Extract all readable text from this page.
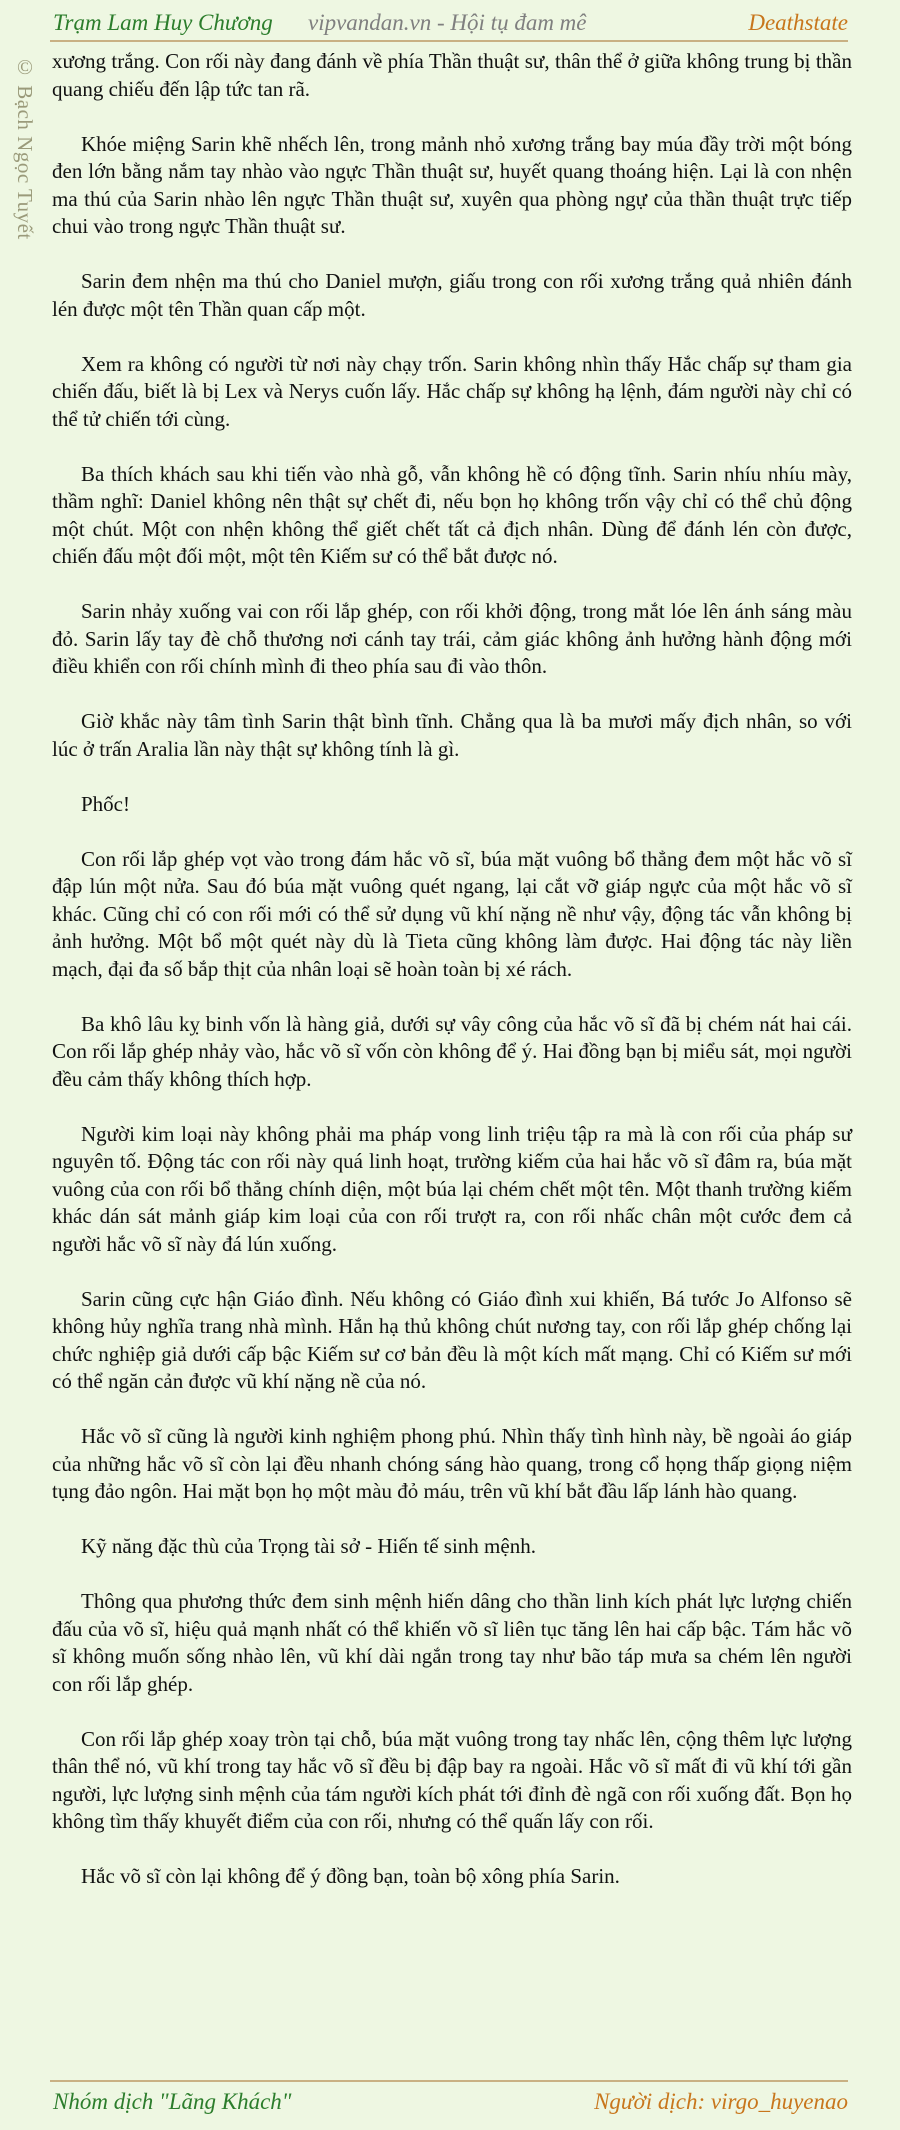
Trạm Lam Huy Chương vipvandan.vn - Hội tụ đam mê	Deathstate
© Bạch Ngọc Tuyết xương trắng. Con rối này đang đánh về phía Thần thuật sư, thân thể ở giữa không trung bị thần quang chiếu đến lập tức tan rã.

Khóe miệng Sarin khẽ nhếch lên, trong mảnh nhỏ xương trắng bay múa đầy trời một bóng đen lớn bằng nắm tay nhào vào ngực Thần thuật sư, huyết quang thoáng hiện. Lại là con nhện ma thú của Sarin nhào lên ngực Thần thuật sư, xuyên qua phòng ngự của thần thuật trực tiếp chui vào trong ngực Thần thuật sư.

Sarin đem nhện ma thú cho Daniel mượn, giấu trong con rối xương trắng quả nhiên đánh lén được một tên Thần quan cấp một.

Xem ra không có người từ nơi này chạy trốn. Sarin không nhìn thấy Hắc chấp sự tham gia chiến đấu, biết là bị Lex và Nerys cuốn lấy. Hắc chấp sự không hạ lệnh, đám người này chỉ có thể tử chiến tới cùng.

Ba thích khách sau khi tiến vào nhà gỗ, vẫn không hề có động tĩnh. Sarin nhíu nhíu mày, thầm nghĩ: Daniel không nên thật sự chết đi, nếu bọn họ không trốn vậy chỉ có thể chủ động một chút. Một con nhện không thể giết chết tất cả địch nhân. Dùng để đánh lén còn được, chiến đấu một đối một, một tên Kiếm sư có thể bắt được nó.

Sarin nhảy xuống vai con rối lắp ghép, con rối khởi động, trong mắt lóe lên ánh sáng màu đỏ. Sarin lấy tay đè chỗ thương nơi cánh tay trái, cảm giác không ảnh hưởng hành động mới điều khiển con rối chính mình đi theo phía sau đi vào thôn.

Giờ khắc này tâm tình Sarin thật bình tĩnh. Chẳng qua là ba mươi mấy địch nhân, so với lúc ở trấn Aralia lần này thật sự không tính là gì.

Phốc!

Con rối lắp ghép vọt vào trong đám hắc võ sĩ, búa mặt vuông bổ thẳng đem một hắc võ sĩ đập lún một nửa. Sau đó búa mặt vuông quét ngang, lại cắt vỡ giáp ngực của một hắc võ sĩ khác. Cũng chỉ có con rối mới có thể sử dụng vũ khí nặng nề như vậy, động tác vẫn không bị ảnh hưởng. Một bổ một quét này dù là Tieta cũng không làm được. Hai động tác này liền mạch, đại đa số bắp thịt của nhân loại sẽ hoàn toàn bị xé rách.

Ba khô lâu kỵ binh vốn là hàng giả, dưới sự vây công của hắc võ sĩ đã bị chém nát hai cái. Con rối lắp ghép nhảy vào, hắc võ sĩ vốn còn không để ý. Hai đồng bạn bị miểu sát, mọi người đều cảm thấy không thích hợp.

Người kim loại này không phải ma pháp vong linh triệu tập ra mà là con rối của pháp sư nguyên tố. Động tác con rối này quá linh hoạt, trường kiếm của hai hắc võ sĩ đâm ra, búa mặt vuông của con rối bổ thẳng chính diện, một búa lại chém chết một tên. Một thanh trường kiếm khác dán sát mảnh giáp kim loại của con rối trượt ra, con rối nhấc chân một cước đem cả người hắc võ sĩ này đá lún xuống.

Sarin cũng cực hận Giáo đình. Nếu không có Giáo đình xui khiến, Bá tước Jo Alfonso sẽ không hủy nghĩa trang nhà mình. Hắn hạ thủ không chút nương tay, con rối lắp ghép chống lại chức nghiệp giả dưới cấp bậc Kiếm sư cơ bản đều là một kích mất mạng. Chỉ có Kiếm sư mới có thể ngăn cản được vũ khí nặng nề của nó.

Hắc võ sĩ cũng là người kinh nghiệm phong phú. Nhìn thấy tình hình này, bề ngoài áo giáp của những hắc võ sĩ còn lại đều nhanh chóng sáng hào quang, trong cổ họng thấp giọng niệm tụng đảo ngôn. Hai mặt bọn họ một màu đỏ máu, trên vũ khí bắt đầu lấp lánh hào quang.

Kỹ năng đặc thù của Trọng tài sở - Hiến tế sinh mệnh.

Thông qua phương thức đem sinh mệnh hiến dâng cho thần linh kích phát lực lượng chiến đấu của võ sĩ, hiệu quả mạnh nhất có thể khiến võ sĩ liên tục tăng lên hai cấp bậc. Tám hắc võ sĩ không muốn sống nhào lên, vũ khí dài ngắn trong tay như bão táp mưa sa chém lên người con rối lắp ghép.

Con rối lắp ghép xoay tròn tại chỗ, búa mặt vuông trong tay nhấc lên, cộng thêm lực lượng thân thể nó, vũ khí trong tay hắc võ sĩ đều bị đập bay ra ngoài. Hắc võ sĩ mất đi vũ khí tới gần người, lực lượng sinh mệnh của tám người kích phát tới đỉnh đè ngã con rối xuống đất. Bọn họ không tìm thấy khuyết điểm của con rối, nhưng có thể quấn lấy con rối.

Hắc võ sĩ còn lại không để ý đồng bạn, toàn bộ xông phía Sarin.

Nhóm dịch "Lãng Khách"	Người dịch: virgo_huyenao
